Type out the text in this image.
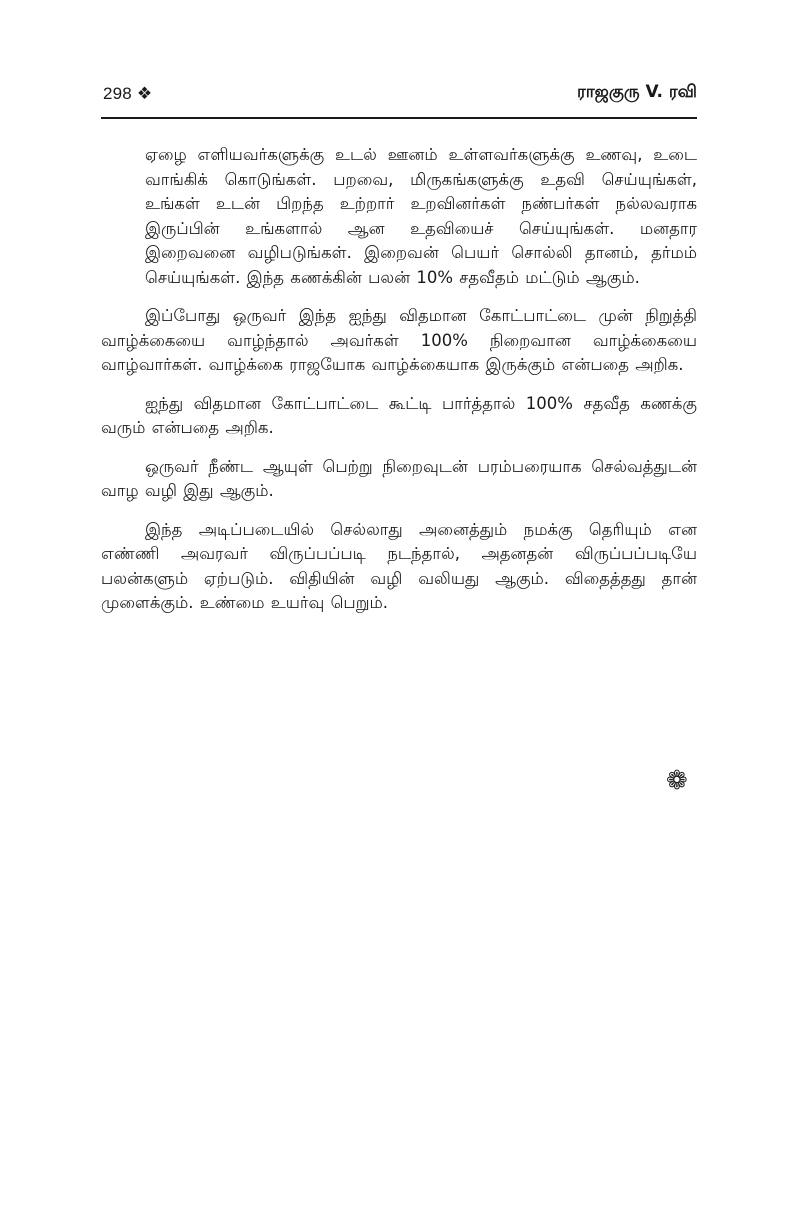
298 ❖	ராஜகுரு V. ரவி

ஏழை எளியவர்களுக்கு உடல் ஊனம் உள்ளவர்களுக்கு உணவு, உடை வாங்கிக் கொடுங்கள். பறவை, மிருகங்களுக்கு உதவி செய்யுங்கள், உங்கள் உடன் பிறந்த உற்றார் உறவினர்கள் நண்பர்கள் நல்லவராக இருப்பின் உங்களால் ஆன உதவியைச் செய்யுங்கள். மனதார இறைவனை வழிபடுங்கள். இறைவன் பெயர் சொல்லி தானம், தர்மம் செய்யுங்கள். இந்த கணக்கின் பலன் 10% சதவீதம் மட்டும் ஆகும்.

இப்போது ஒருவர் இந்த ஐந்து விதமான கோட்பாட்டை முன் நிறுத்தி வாழ்க்கையை வாழ்ந்தால் அவர்கள் 100% நிறைவான வாழ்க்கையை வாழ்வார்கள். வாழ்க்கை ராஜயோக வாழ்க்கையாக இருக்கும் என்பதை அறிக.

ஐந்து விதமான கோட்பாட்டை கூட்டி பார்த்தால் 100% சதவீத கணக்கு வரும் என்பதை அறிக.

ஒருவர் நீண்ட ஆயுள் பெற்று நிறைவுடன் பரம்பரையாக செல்வத்துடன் வாழ வழி இது ஆகும்.

இந்த அடிப்படையில் செல்லாது அனைத்தும் நமக்கு தெரியும் என எண்ணி அவரவர் விருப்பப்படி நடந்தால், அதனதன் விருப்பப்படியே பலன்களும் ஏற்படும். விதியின் வழி வலியது ஆகும். விதைத்தது தான் முளைக்கும். உண்மை உயர்வு பெறும்.

❁
